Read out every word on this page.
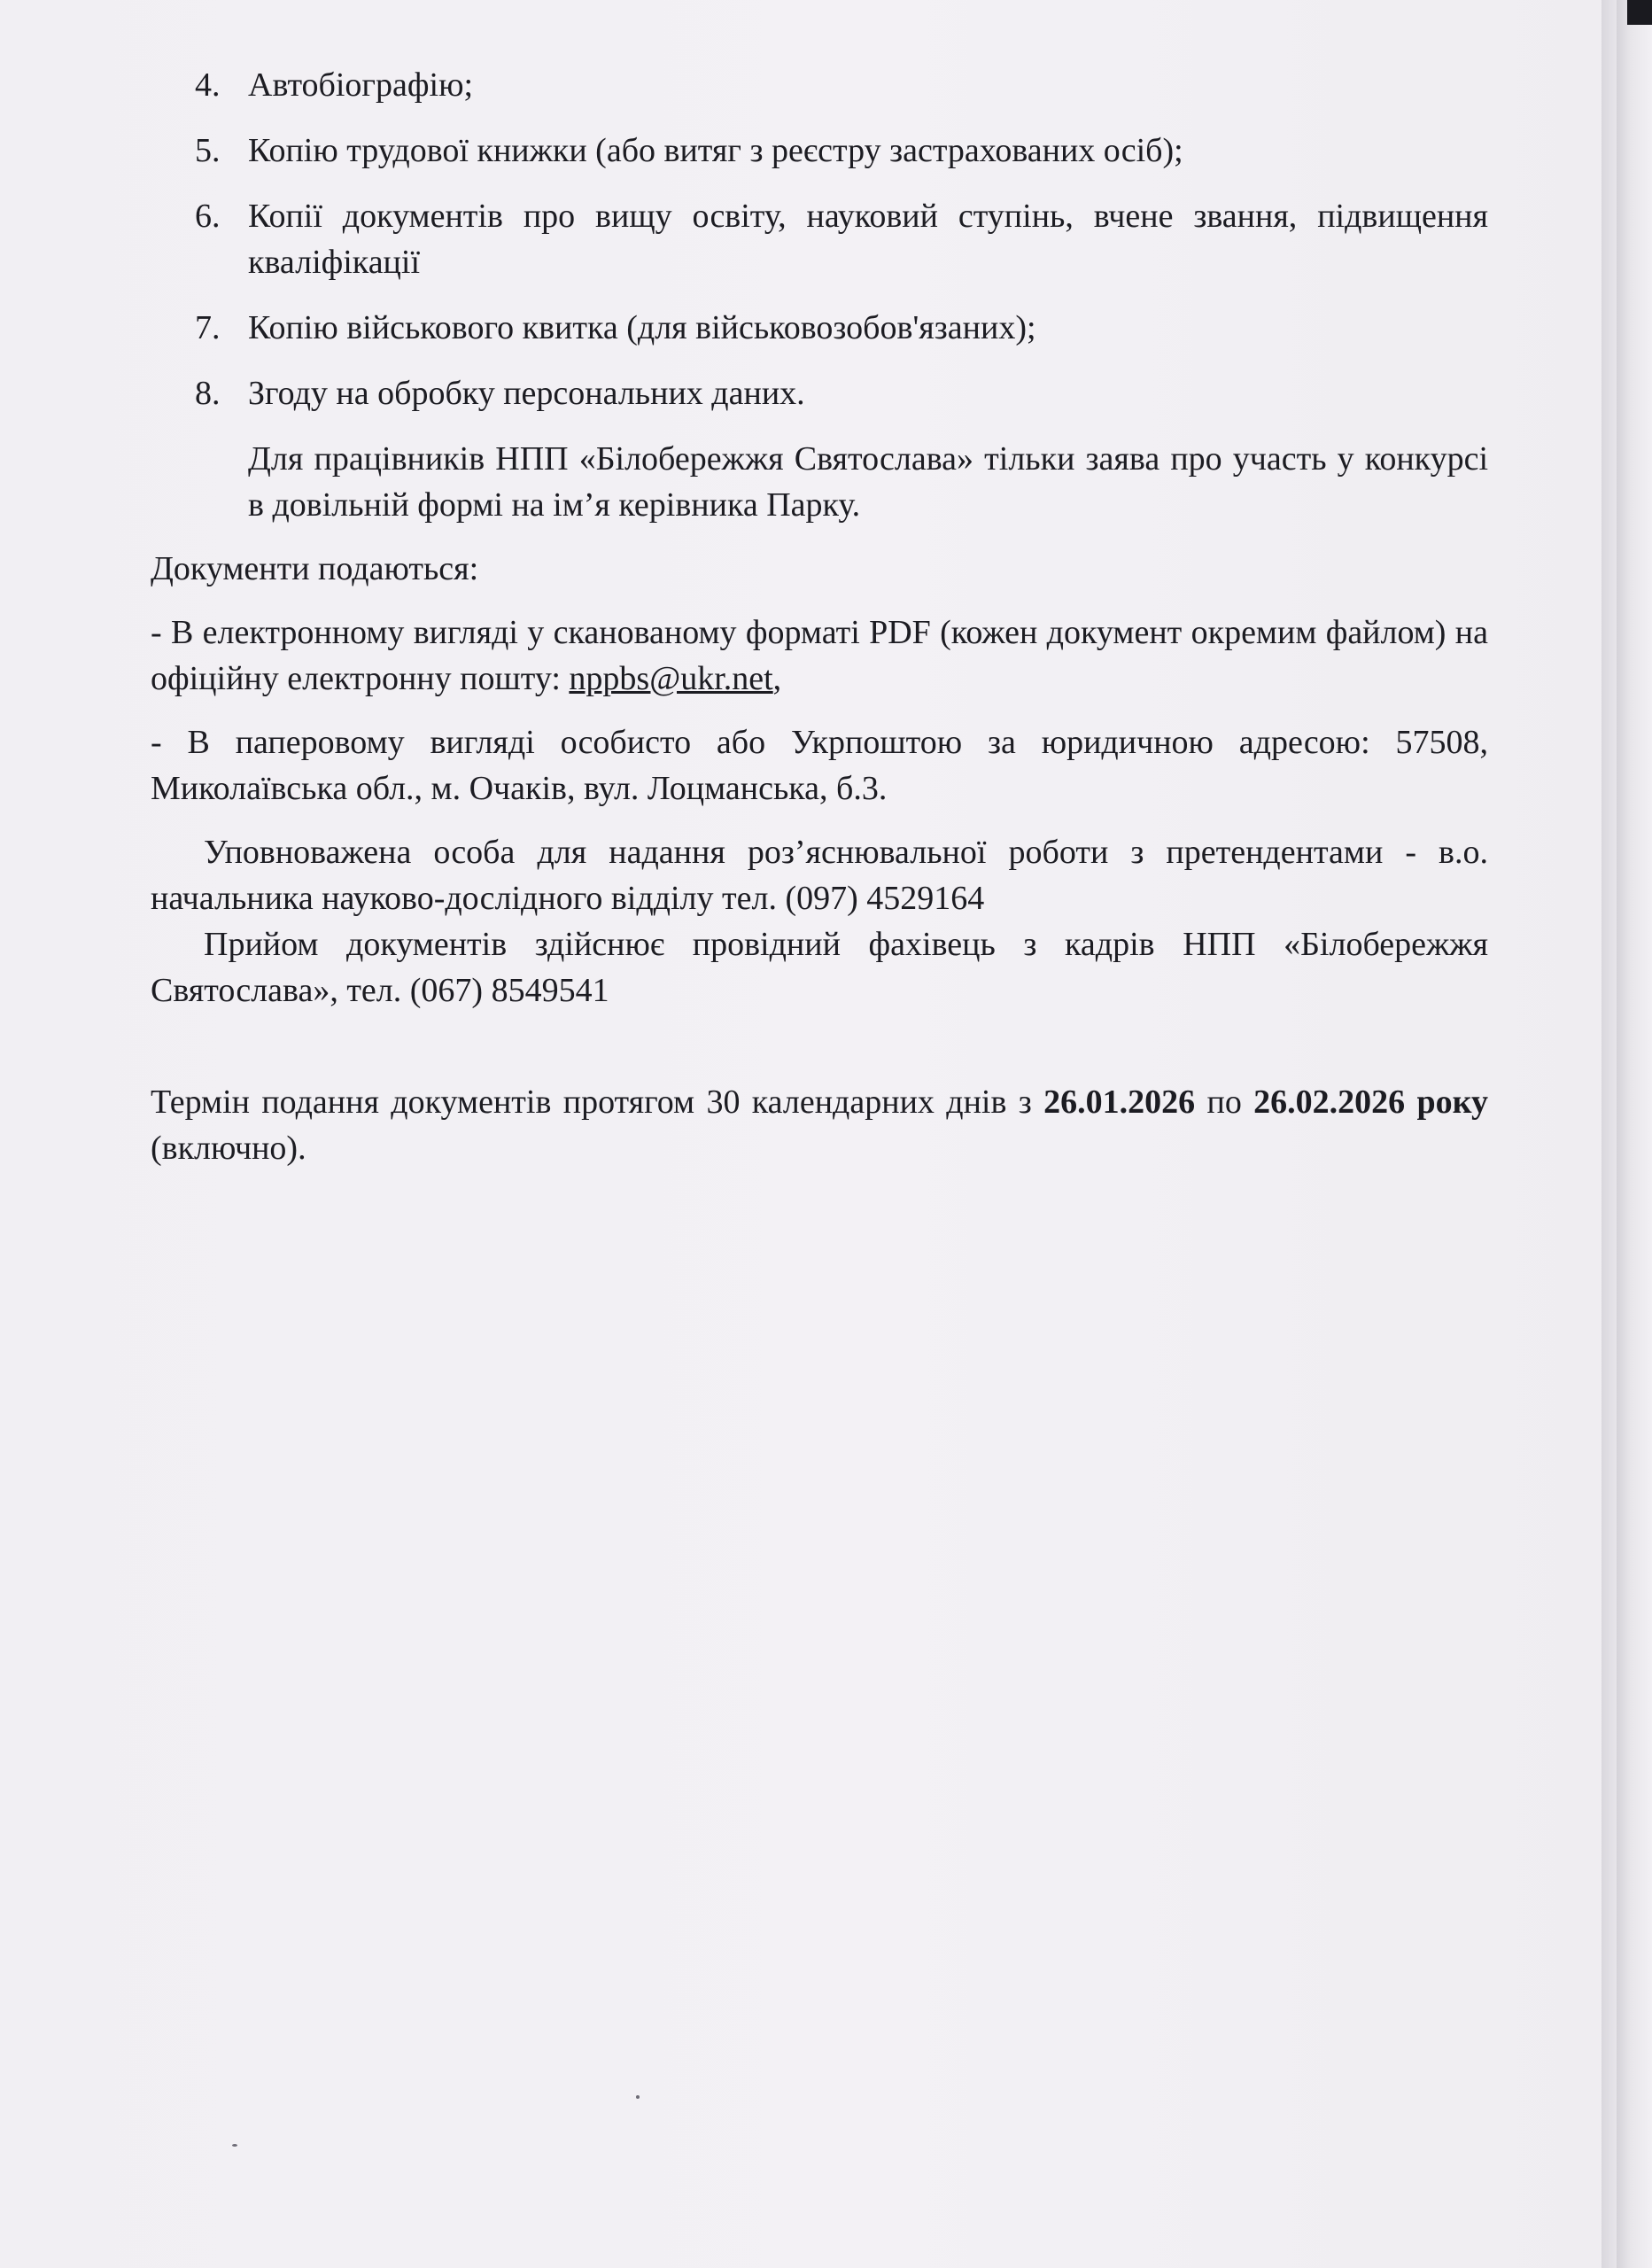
4. Автобіографію;
5. Копію трудової книжки (або витяг з реєстру застрахованих осіб);
6. Копії документів про вищу освіту, науковий ступінь, вчене звання, підвищення кваліфікації
7. Копію військового квитка (для військовозобов'язаних);
8. Згоду на обробку персональних даних.

Для працівників НПП «Білобережжя Святослава» тільки заява про участь у конкурсі в довільній формі на ім’я керівника Парку.

Документи подаються:

- В електронному вигляді у сканованому форматі PDF (кожен документ окремим файлом) на офіційну електронну пошту: nppbs@ukr.net,

- В паперовому вигляді особисто або Укрпоштою за юридичною адресою: 57508, Миколаївська обл., м. Очаків, вул. Лоцманська, б.3.

Уповноважена особа для надання роз’яснювальної роботи з претендентами - в.о. начальника науково-дослідного відділу тел. (097) 4529164

Прийом документів здійснює провідний фахівець з кадрів НПП «Білобережжя Святослава», тел. (067) 8549541

Термін подання документів протягом 30 календарних днів з 26.01.2026 по 26.02.2026 року (включно).
